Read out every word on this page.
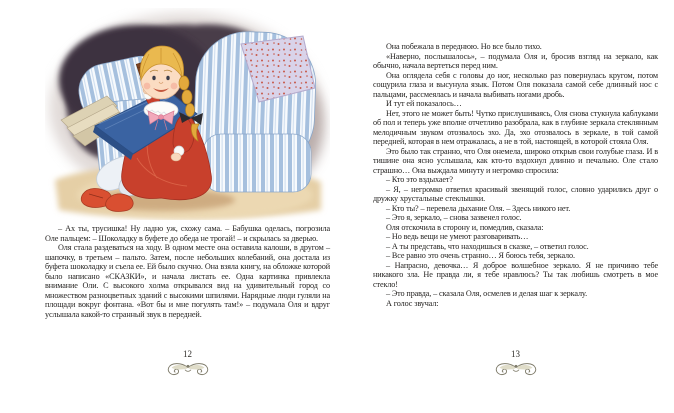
– Ах ты, трусишка! Ну ладно уж, схожу сама. – Бабушка оделась, погрозила Оле пальцем: – Шоколадку в буфете до обеда не трогай! – и скрылась за дверью.

Оля стала раздеваться на ходу. В одном месте она оставила калоши, в другом – шапочку, в третьем – пальто. Затем, после небольших колебаний, она достала из буфета шоколадку и съела ее. Ей было скучно. Она взяла книгу, на обложке которой было написано «СКАЗКИ», и начала листать ее. Одна картинка привлекла внимание Оли. С высокого холма открывался вид на удивительный город со множеством разноцветных зданий с высокими шпилями. Нарядные люди гуляли на площади вокруг фонтана. «Вот бы и мне погулять там!» – подумала Оля и вдруг услышала какой-то странный звук в передней.

Она побежала в переднюю. Но все было тихо.

«Наверно, послышалось», – подумала Оля и, бросив взгляд на зеркало, как обычно, начала вертеться перед ним.

Она оглядела себя с головы до ног, несколько раз повернулась кругом, потом сощурила глаза и высунула язык. Потом Оля показала самой себе длинный нос с пальцами, рассмеялась и начала выбивать ногами дробь.

И тут ей показалось…

Нет, этого не может быть! Чутко прислушиваясь, Оля снова стукнула каблуками об пол и теперь уже вполне отчетливо разобрала, как в глубине зеркала стеклянным мелодичным звуком отозвалось эхо. Да, эхо отозвалось в зеркале, в той самой передней, которая в нем отражалась, а не в той, настоящей, в которой стояла Оля.

Это было так странно, что Оля онемела, широко открыв свои голубые глаза. И в тишине она ясно услышала, как кто-то вздохнул длинно и печально. Оле стало страшно… Она выждала минуту и негромко спросила:

– Кто это вздыхает?

– Я, – негромко ответил красивый звенящий голос, словно ударились друг о дружку хрустальные стеклышки.

– Кто ты? – перевела дыхание Оля. – Здесь никого нет.

– Это я, зеркало, – снова зазвенел голос.

Оля отскочила в сторону и, помедлив, сказала:

– Но ведь вещи не умеют разговаривать…

– А ты представь, что находишься в сказке, – ответил голос.

– Все равно это очень странно… Я боюсь тебя, зеркало.

– Напрасно, девочка… Я доброе волшебное зеркало. Я не причиню тебе никакого зла. Не правда ли, я тебе нравлюсь? Ты так любишь смотреть в мое стекло!

– Это правда, – сказала Оля, осмелев и делая шаг к зеркалу.

А голос звучал:

12	13
